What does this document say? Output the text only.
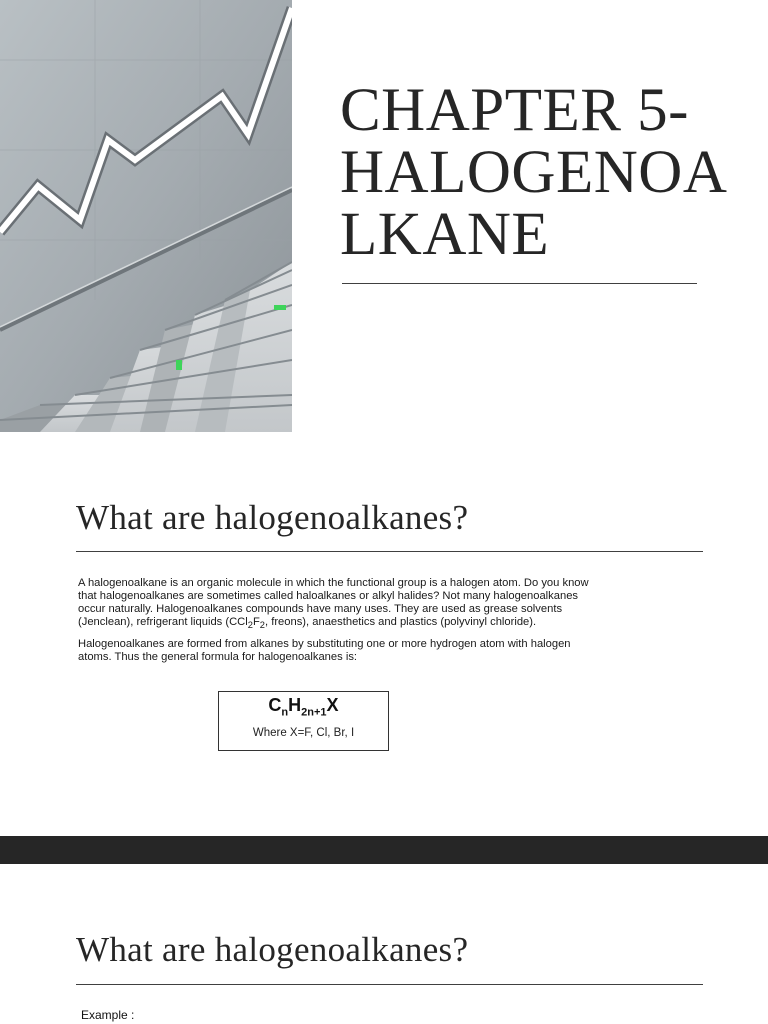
CHAPTER 5-
HALOGENOA
LKANE
What are halogenoalkanes?

A halogenoalkane is an organic molecule in which the functional group is a halogen atom. Do you know that halogenoalkanes are sometimes called haloalkanes or alkyl halides? Not many halogenoalkanes occur naturally. Halogenoalkanes compounds have many uses. They are used as grease solvents (Jenclean), refrigerant liquids ($CCl_2F_2$, freons), anaesthetics and plastics (polyvinyl chloride).

Halogenoalkanes are formed from alkanes by substituting one or more hydrogen atom with halogen atoms. Thus the general formula for halogenoalkanes is:

$C_nH_{2n+1}X$
Where X=F, Cl, Br, I
What are halogenoalkanes?
Example :
